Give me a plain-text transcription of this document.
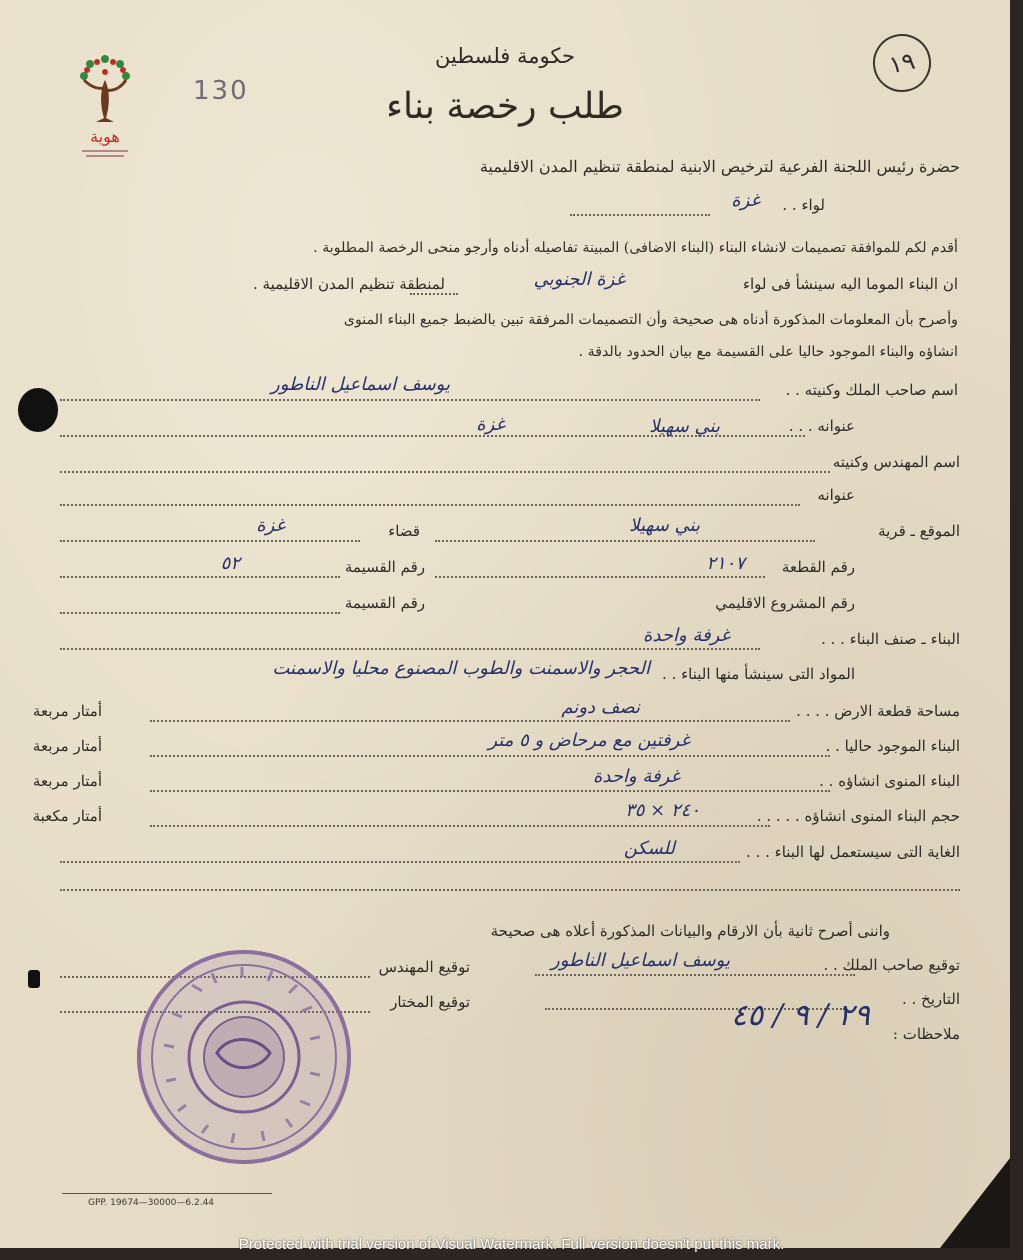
هوية
130
١٩
حكومة فلسطين
طلب رخصة بناء
حضرة رئيس اللجنة الفرعية لترخيص الابنية لمنطقة تنظيم المدن الاقليمية
لواء . .
غزة
أقدم لكم للموافقة تصميمات لانشاء البناء (البناء الاضافى) المبينة تفاصيله أدناه وأرجو منحى الرخصة المطلوبة .
ان البناء الموما اليه سينشأ فى لواء
غزة الجنوبي
لمنطقة تنظيم المدن الاقليمية .
وأصرح بأن المعلومات المذكورة أدناه هى صحيحة وأن التصميمات المرفقة تبين بالضبط جميع البناء المنوى
انشاؤه والبناء الموجود حاليا على القسيمة مع بيان الحدود بالدقة .
اسم صاحب الملك وكنيته . .
يوسف اسماعيل الناطور
عنوانه . . .
بني سهيلا
غزة
اسم المهندس وكنيته
عنوانه
الموقع ـ قرية
بني سهيلا
قضاء
غزة
رقم القطعة
٢١٠٧
رقم القسيمة
٥٢
رقم المشروع الاقليمي
رقم القسيمة
البناء ـ صنف البناء . . .
غرفة واحدة
المواد التى سينشأ منها البناء . .
الحجر والاسمنت والطوب المصنوع محليا والاسمنت
مساحة قطعة الارض . . . .
نصف دونم
أمتار مربعة
البناء الموجود حاليا . .
غرفتين مع مرحاض و ٥ متر
أمتار مربعة
البناء المنوى انشاؤه . .
غرفة واحدة
أمتار مربعة
حجم البناء المنوى انشاؤه . . . . .
٢٤٠ × ٣٥
أمتار مكعبة
الغاية التى سيستعمل لها البناء . . .
للسكن
واننى أصرح ثانية بأن الارقام والبيانات المذكورة أعلاه هى صحيحة
توقيع صاحب الملك . .
يوسف اسماعيل الناطور
توقيع المهندس
التاريخ . .
٢٩ / ٩ / ٤٥
توقيع المختار
ملاحظات :
GPP. 19674—30000—6.2.44
Protected with trial version of Visual Watermark. Full version doesn't put this mark.
